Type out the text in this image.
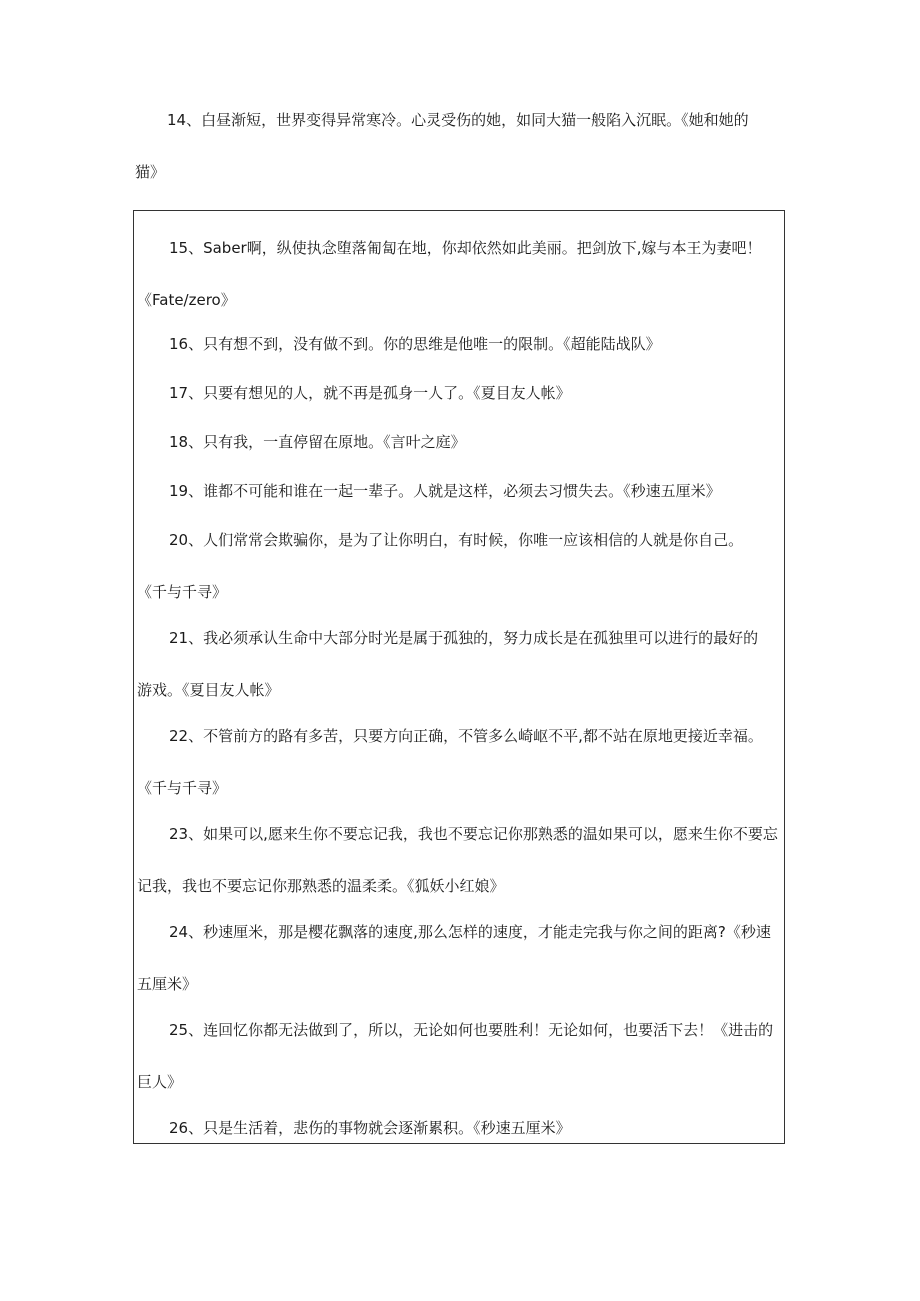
14、白昼渐短，世界变得异常寒冷。心灵受伤的她，如同大猫一般陷入沉眠。《她和她的
猫》

15、Saber啊，纵使执念堕落匍匐在地，你却依然如此美丽。把剑放下,嫁与本王为妻吧！
《Fate/zero》

16、只有想不到，没有做不到。你的思维是他唯一的限制。《超能陆战队》

17、只要有想见的人，就不再是孤身一人了。《夏目友人帐》

18、只有我，一直停留在原地。《言叶之庭》

19、谁都不可能和谁在一起一辈子。人就是这样，必须去习惯失去。《秒速五厘米》

20、人们常常会欺骗你，是为了让你明白，有时候，你唯一应该相信的人就是你自己。
《千与千寻》

21、我必须承认生命中大部分时光是属于孤独的，努力成长是在孤独里可以进行的最好的
游戏。《夏目友人帐》

22、不管前方的路有多苦，只要方向正确，不管多么崎岖不平,都不站在原地更接近幸福。
《千与千寻》

23、如果可以,愿来生你不要忘记我，我也不要忘记你那熟悉的温如果可以，愿来生你不要忘
记我，我也不要忘记你那熟悉的温柔柔。《狐妖小红娘》

24、秒速厘米，那是樱花飘落的速度,那么怎样的速度，才能走完我与你之间的距离?《秒速
五厘米》

25、连回忆你都无法做到了，所以，无论如何也要胜利！无论如何，也要活下去！《进击的
巨人》

26、只是生活着，悲伤的事物就会逐渐累积。《秒速五厘米》
